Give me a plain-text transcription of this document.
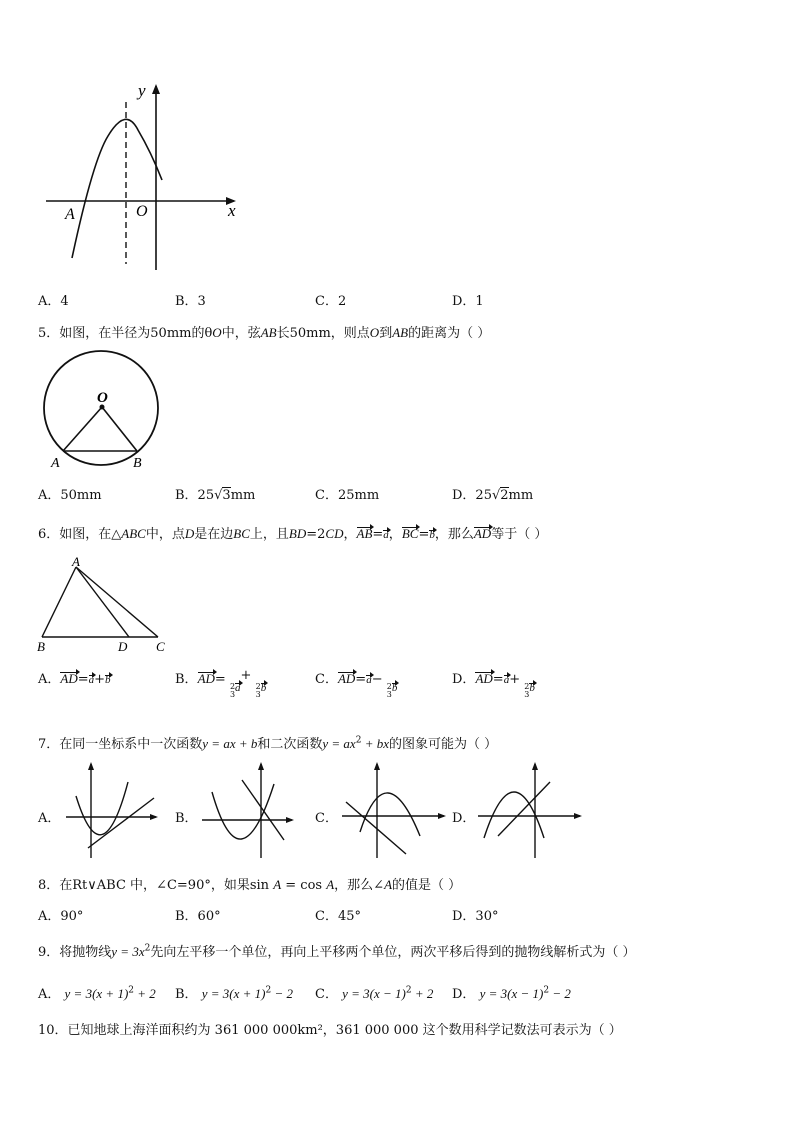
y
x
A	O
A．4	B．3	C．2	D．1
5．如图，在半径为50mm的θO中，弦AB长50mm，则点O到AB的距离为（ ）
O
A	B
A．50mm	B．25√3mm	C．25mm	D．25√2mm
6．如图，在△ABC中，点D是在边BC上，且BD=2CD，AB=a，BC=b，那么AD等于（ ）
A
B	D C
A．AD=a+b	B．AD= 2
3a+ 2
3b
C．AD=a− 2
3b
D．AD=a+ 2
3b
7．在同一坐标系中一次函数y = ax + b和二次函数$y = ax^2$ + bx的图象可能为（ ）
A．	B．	C．	D．
8．在Rt∨ABC 中，∠C=90°，如果sin A = cos A，那么∠A的值是（ ）
A．90°	B．60°	C．45°	D．30°
9．将抛物线$y = 3x^2$先向左平移一个单位，再向上平移两个单位，两次平移后得到的抛物线解析式为（ ）
A． $y = 3(x + 1)^2 + 2$ B． $y = 3(x + 1)^2 - 2$ C． $y = 3(x - 1)^2 + 2$ D． $y = 3(x - 1)^2 - 2$
10．已知地球上海洋面积约为 361 000 000km²，361 000 000 这个数用科学记数法可表示为（ ）
